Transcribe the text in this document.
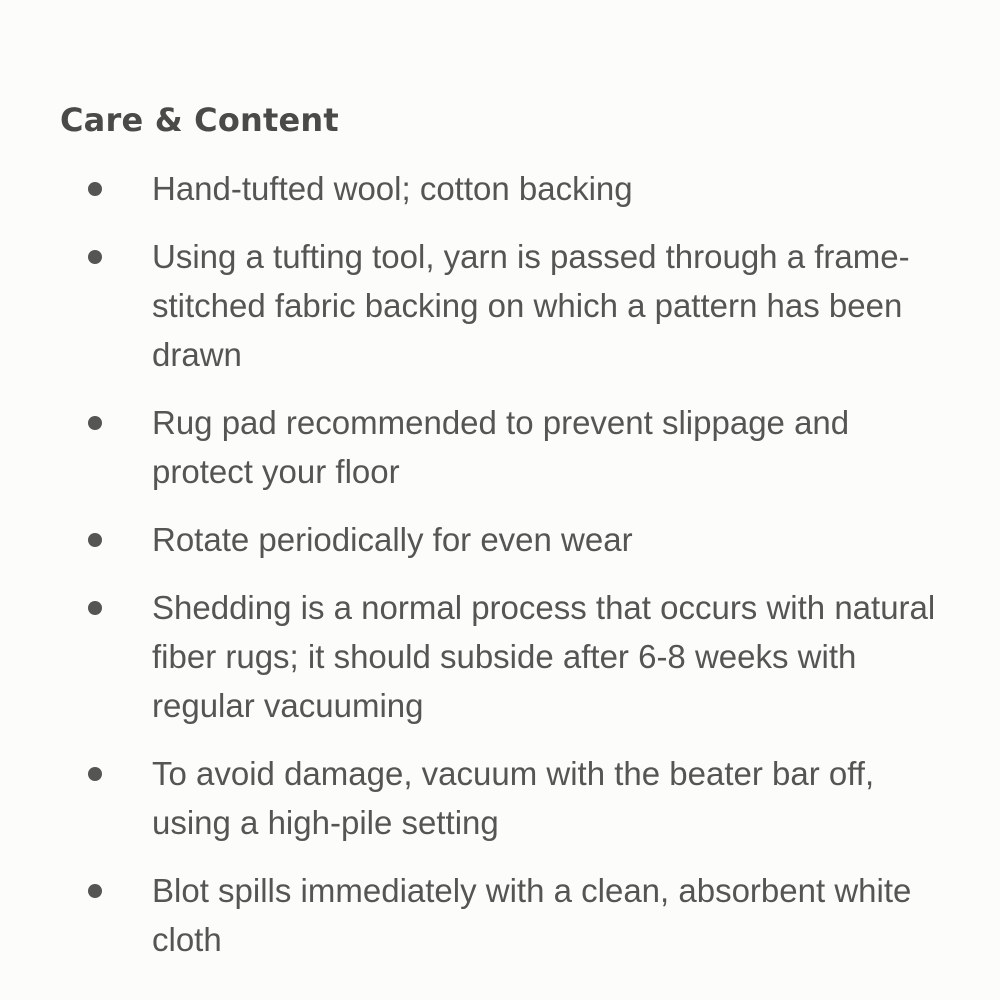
Care & Content
Hand-tufted wool; cotton backing
Using a tufting tool, yarn is passed through a frame-stitched fabric backing on which a pattern has been drawn
Rug pad recommended to prevent slippage and protect your floor
Rotate periodically for even wear
Shedding is a normal process that occurs with natural fiber rugs; it should subside after 6-8 weeks with regular vacuuming
To avoid damage, vacuum with the beater bar off, using a high-pile setting
Blot spills immediately with a clean, absorbent white cloth
